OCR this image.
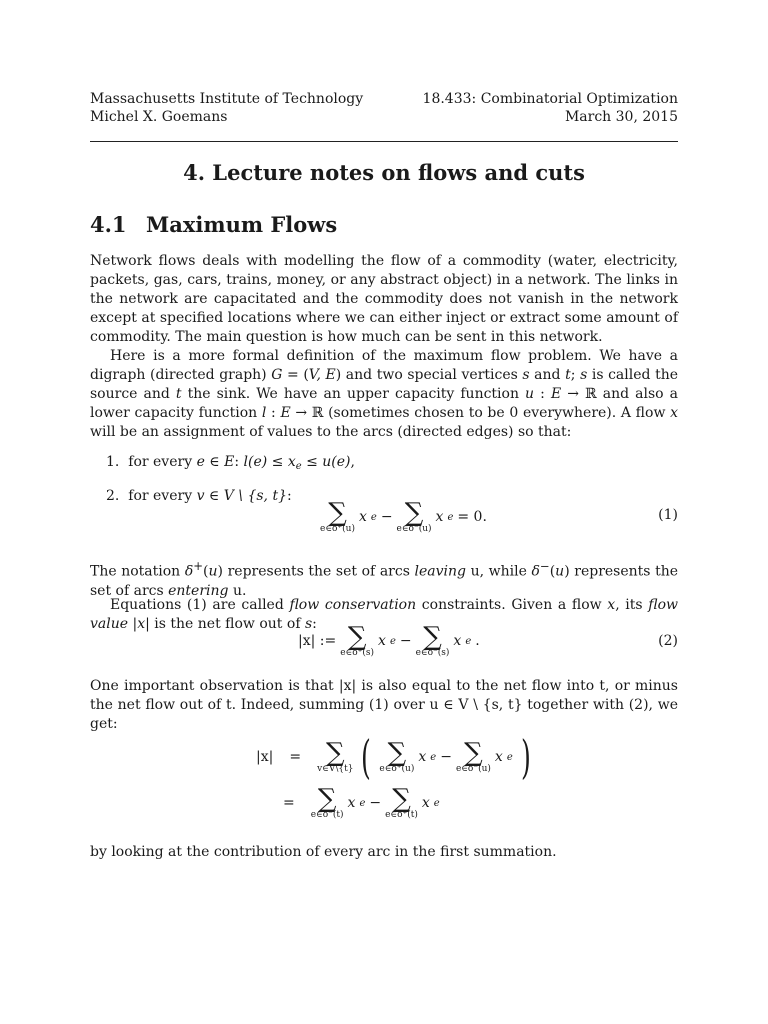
Massachusetts Institute of Technology
Michel X. Goemans
18.433: Combinatorial Optimization
March 30, 2015
4. Lecture notes on flows and cuts
4.1 Maximum Flows

Network flows deals with modelling the flow of a commodity (water, electricity, packets, gas, cars, trains, money, or any abstract object) in a network. The links in the network are capacitated and the commodity does not vanish in the network except at specified locations where we can either inject or extract some amount of commodity. The main question is how much can be sent in this network.

Here is a more formal definition of the maximum flow problem. We have a digraph (directed graph) G = (V, E) and two special vertices s and t; s is called the source and t the sink. We have an upper capacity function u : E → ℝ and also a lower capacity function l : E → ℝ (sometimes chosen to be 0 everywhere). A flow x will be an assignment of values to the arcs (directed edges) so that:

1. for every e ∈ E: $l(e) \le x_e \le u(e)$,
2. for every v ∈ V \ {s, t}:
∑
e∈δ⁺(u)
x e − ∑
e∈δ⁻(u)
x e = 0.	(1)

The notation δ+(u) represents the set of arcs leaving u, while δ−(u) represents the set of arcs entering u.

Equations (1) are called flow conservation constraints. Given a flow x, its flow value |x| is the net flow out of s:

|x| := ∑
e∈δ⁺(s)
x e − ∑
e∈δ⁻(s)
x e .	(2)

One important observation is that |x| is also equal to the net flow into t, or minus the net flow out of t. Indeed, summing (1) over u ∈ V \ {s, t} together with (2), we get:

|x| = ∑
v∈V\{t} ( ∑
e∈δ⁺(u)
x e − ∑
e∈δ⁻(u)
x e )
= ∑
e∈δ⁻(t)
x e − ∑
e∈δ⁺(t)
x e

by looking at the contribution of every arc in the first summation.
